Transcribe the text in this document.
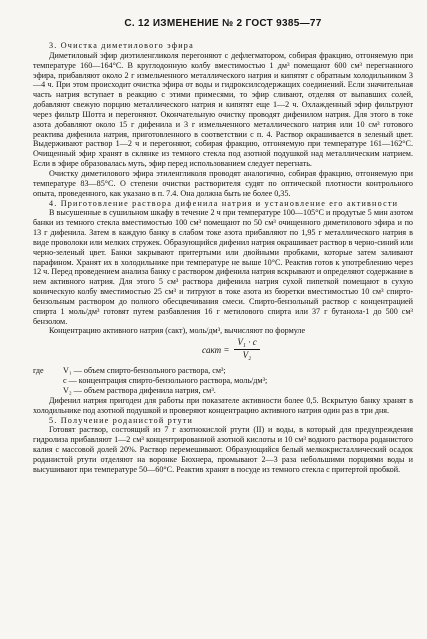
С. 12 ИЗМЕНЕНИЕ № 2 ГОСТ 9385—77

3. Очистка диметилового эфира

Диметиловый эфир диэтиленгликоля перегоняют с дефлегматором, собирая фракцию, отгоняемую при температуре 160—164°С. В круглодонную колбу вместимостью 1 дм³ помещают 600 см³ перегнанного эфира, прибавляют около 2 г измельченного металлического натрия и кипятят с обратным холодильником 3—4 ч. При этом происходит очистка эфира от воды и гидроксилсодержащих соединений. Если значительная часть натрия вступает в реакцию с этими примесями, то эфир сливают, отделяя от выпавших солей, добавляют свежую порцию металлического натрия и кипятят еще 1—2 ч. Охлажденный эфир фильтруют через фильтр Шотта и перегоняют. Окончательную очистку проводят дифенилом натрия. Для этого в токе азота добавляют около 15 г дифенила и 3 г измельченного металлического натрия или 10 см³ готового реактива дифенила натрия, приготовленного в соответствии с п. 4. Раствор окрашивается в зеленый цвет. Выдерживают раствор 1—2 ч и перегоняют, собирая фракцию, отгоняемую при температуре 161—162°С. Очищенный эфир хранят в склянке из темного стекла под азотной подушкой над металлическим натрием. Если в эфире образовалась муть, эфир перед использованием следует перегнать.

Очистку диметилового эфира этиленгликоля проводят аналогично, собирая фракцию, отгоняемую при температуре 83—85°С. О степени очистки растворителя судят по оптической плотности контрольного опыта, проведенного, как указано в п. 7.4. Она должна быть не более 0,35.

4. Приготовление раствора дифенила натрия и установление его активности

В высушенные в сушильном шкафу в течение 2 ч при температуре 100—105°С и продутые 5 мин азотом банки из темного стекла вместимостью 100 см³ помещают по 50 см³ очищенного диметилового эфира и по 13 г дифенила. Затем в каждую банку в слабом токе азота прибавляют по 1,95 г металлического натрия в виде проволоки или мелких стружек. Образующийся дифенил натрия окрашивает раствор в черно-синий или черно-зеленый цвет. Банки закрывают притертыми или двойными пробками, которые затем заливают парафином. Хранят их в холодильнике при температуре не выше 10°С. Реактив готов к употреблению через 12 ч. Перед проведением анализа банку с раствором дифенила натрия вскрывают и определяют содержание в нем активного натрия. Для этого 5 см³ раствора дифенила натрия сухой пипеткой помещают в сухую коническую колбу вместимостью 25 см³ и титруют в токе азота из бюретки вместимостью 10 см³ спирто-бензольным раствором до полного обесцвечивания смеси. Спирто-бензольный раствор с концентрацией спирта 1 моль/дм³ готовят путем разбавления 16 г метилового спирта или 37 г бутанола-1 до 500 см³ бензолом.

Концентрацию активного натрия (cакт), моль/дм³, вычисляют по формуле

cакт = $\frac{\text{V₁ · c}}{\text{V₂}}$

где V₁ — объем спирто-бензольного раствора, см³;

c — концентрация спирто-бензольного раствора, моль/дм³;

V₂ — объем раствора дифенила натрия, см³.

Дифенил натрия пригоден для работы при показателе активности более 0,5. Вскрытую банку хранят в холодильнике под азотной подушкой и проверяют концентрацию активного натрия один раз в три дня.

5. Получение роданистой ртути

Готовят раствор, состоящий из 7 г азотнокислой ртути (II) и воды, в который для предупреждения гидролиза прибавляют 1—2 см³ концентрированной азотной кислоты и 10 см³ водного раствора роданистого калия с массовой долей 20%. Раствор перемешивают. Образующийся белый мелкокристаллический осадок роданистой ртути отделяют на воронке Бюхнера, промывают 2—3 раза небольшими порциями воды и высушивают при температуре 50—60°С. Реактив хранят в посуде из темного стекла с притертой пробкой.
